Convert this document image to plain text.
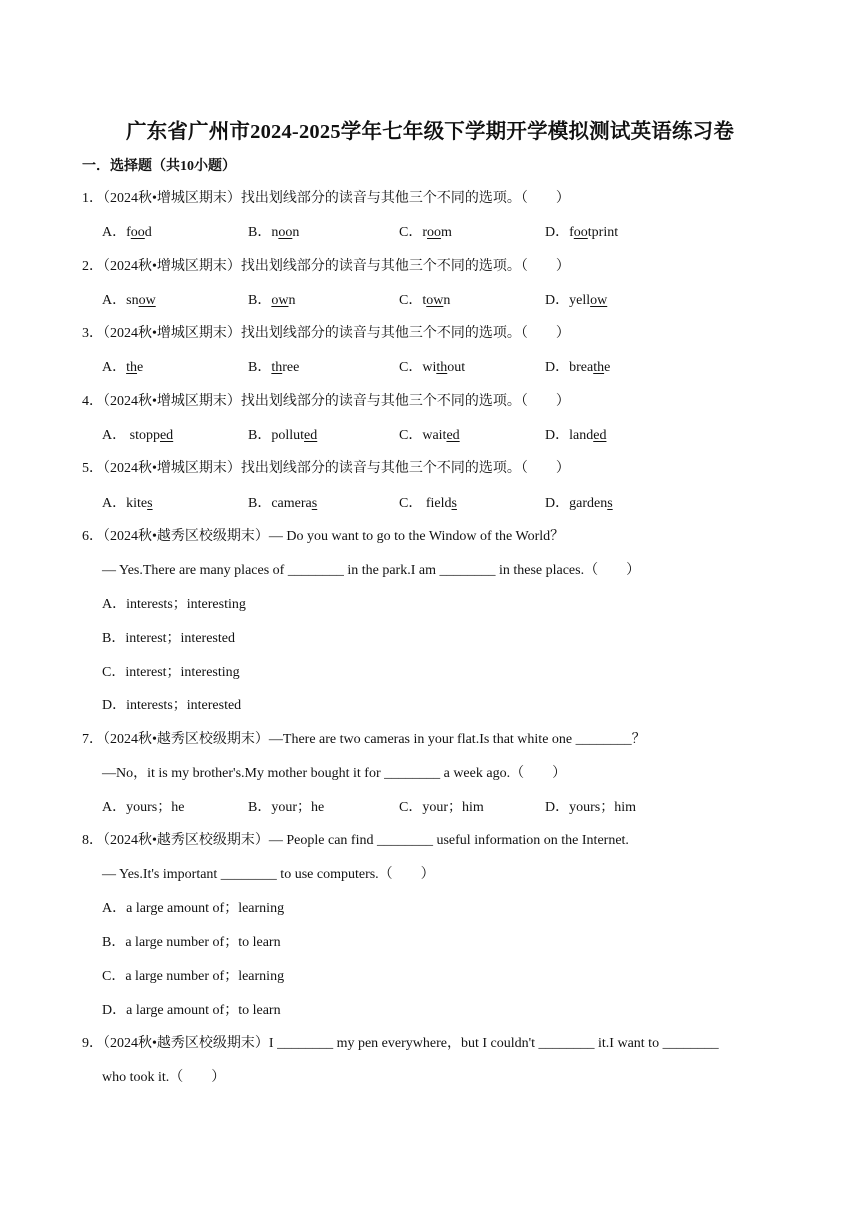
广东省广州市2024-2025学年七年级下学期开学模拟测试英语练习卷
一．选择题（共10小题）
1．（2024秋•增城区期末）找出划线部分的读音与其他三个不同的选项。（　　）
A．food	B．noon	C．room	D．footprint
2．（2024秋•增城区期末）找出划线部分的读音与其他三个不同的选项。（　　）
A．snow	B．own	C．town	D．yellow
3．（2024秋•增城区期末）找出划线部分的读音与其他三个不同的选项。（　　）
A．the	B．three	C．without	D．breathe
4．（2024秋•增城区期末）找出划线部分的读音与其他三个不同的选项。（　　）
A． stopped	B．polluted	C．waited	D．landed
5．（2024秋•增城区期末）找出划线部分的读音与其他三个不同的选项。（　　）
A．kites	B．cameras	C． fields	D．gardens
6．（2024秋•越秀区校级期末）— Do you want to go to the Window of the World？
— Yes.There are many places of ________ in the park.I am ________ in these places.（　　）
A．interests；interesting
B．interest；interested
C．interest；interesting
D．interests；interested
7．（2024秋•越秀区校级期末）—There are two cameras in your flat.Is that white one ________？
—No，it is my brother's.My mother bought it for ________ a week ago.（　　）
A．yours；he	B．your；he	C．your；him	D．yours；him
8．（2024秋•越秀区校级期末）— People can find ________ useful information on the Internet.
— Yes.It's important ________ to use computers.（　　）
A．a large amount of；learning
B．a large number of；to learn
C．a large number of；learning
D．a large amount of；to learn
9．（2024秋•越秀区校级期末）I ________ my pen everywhere，but I couldn't ________ it.I want to ________
who took it.（　　）
